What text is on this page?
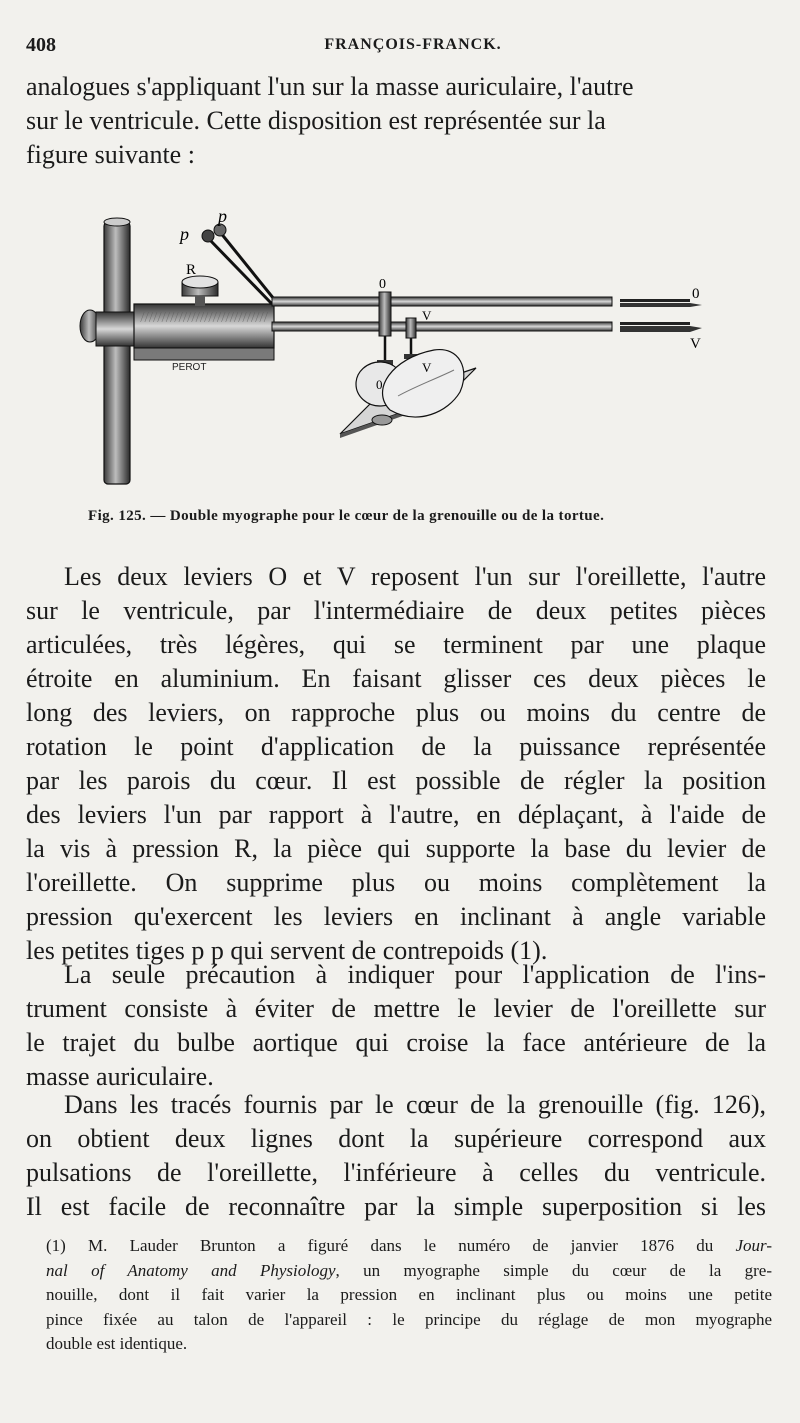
408	FRANÇOIS-FRANCK.
analogues s'appliquant l'un sur la masse auriculaire, l'autre
sur le ventricule. Cette disposition est représentée sur la
figure suivante :
PEROT
R
p
p
0
V
0
V
0
V
Fig. 125. — Double myographe pour le cœur de la grenouille ou de la tortue.
Les deux leviers O et V reposent l'un sur l'oreillette, l'autre
sur le ventricule, par l'intermédiaire de deux petites pièces
articulées, très légères, qui se terminent par une plaque
étroite en aluminium. En faisant glisser ces deux pièces le
long des leviers, on rapproche plus ou moins du centre de
rotation le point d'application de la puissance représentée
par les parois du cœur. Il est possible de régler la position
des leviers l'un par rapport à l'autre, en déplaçant, à l'aide de
la vis à pression R, la pièce qui supporte la base du levier de
l'oreillette. On supprime plus ou moins complètement la
pression qu'exercent les leviers en inclinant à angle variable
les petites tiges p p qui servent de contrepoids (1).
La seule précaution à indiquer pour l'application de l'ins-
trument consiste à éviter de mettre le levier de l'oreillette sur
le trajet du bulbe aortique qui croise la face antérieure de la
masse auriculaire.
Dans les tracés fournis par le cœur de la grenouille (fig. 126),
on obtient deux lignes dont la supérieure correspond aux
pulsations de l'oreillette, l'inférieure à celles du ventricule.
Il est facile de reconnaître par la simple superposition si les
(1) M. Lauder Brunton a figuré dans le numéro de janvier 1876 du Jour-
nal of Anatomy and Physiology, un myographe simple du cœur de la gre-
nouille, dont il fait varier la pression en inclinant plus ou moins une petite
pince fixée au talon de l'appareil : le principe du réglage de mon myographe
double est identique.
